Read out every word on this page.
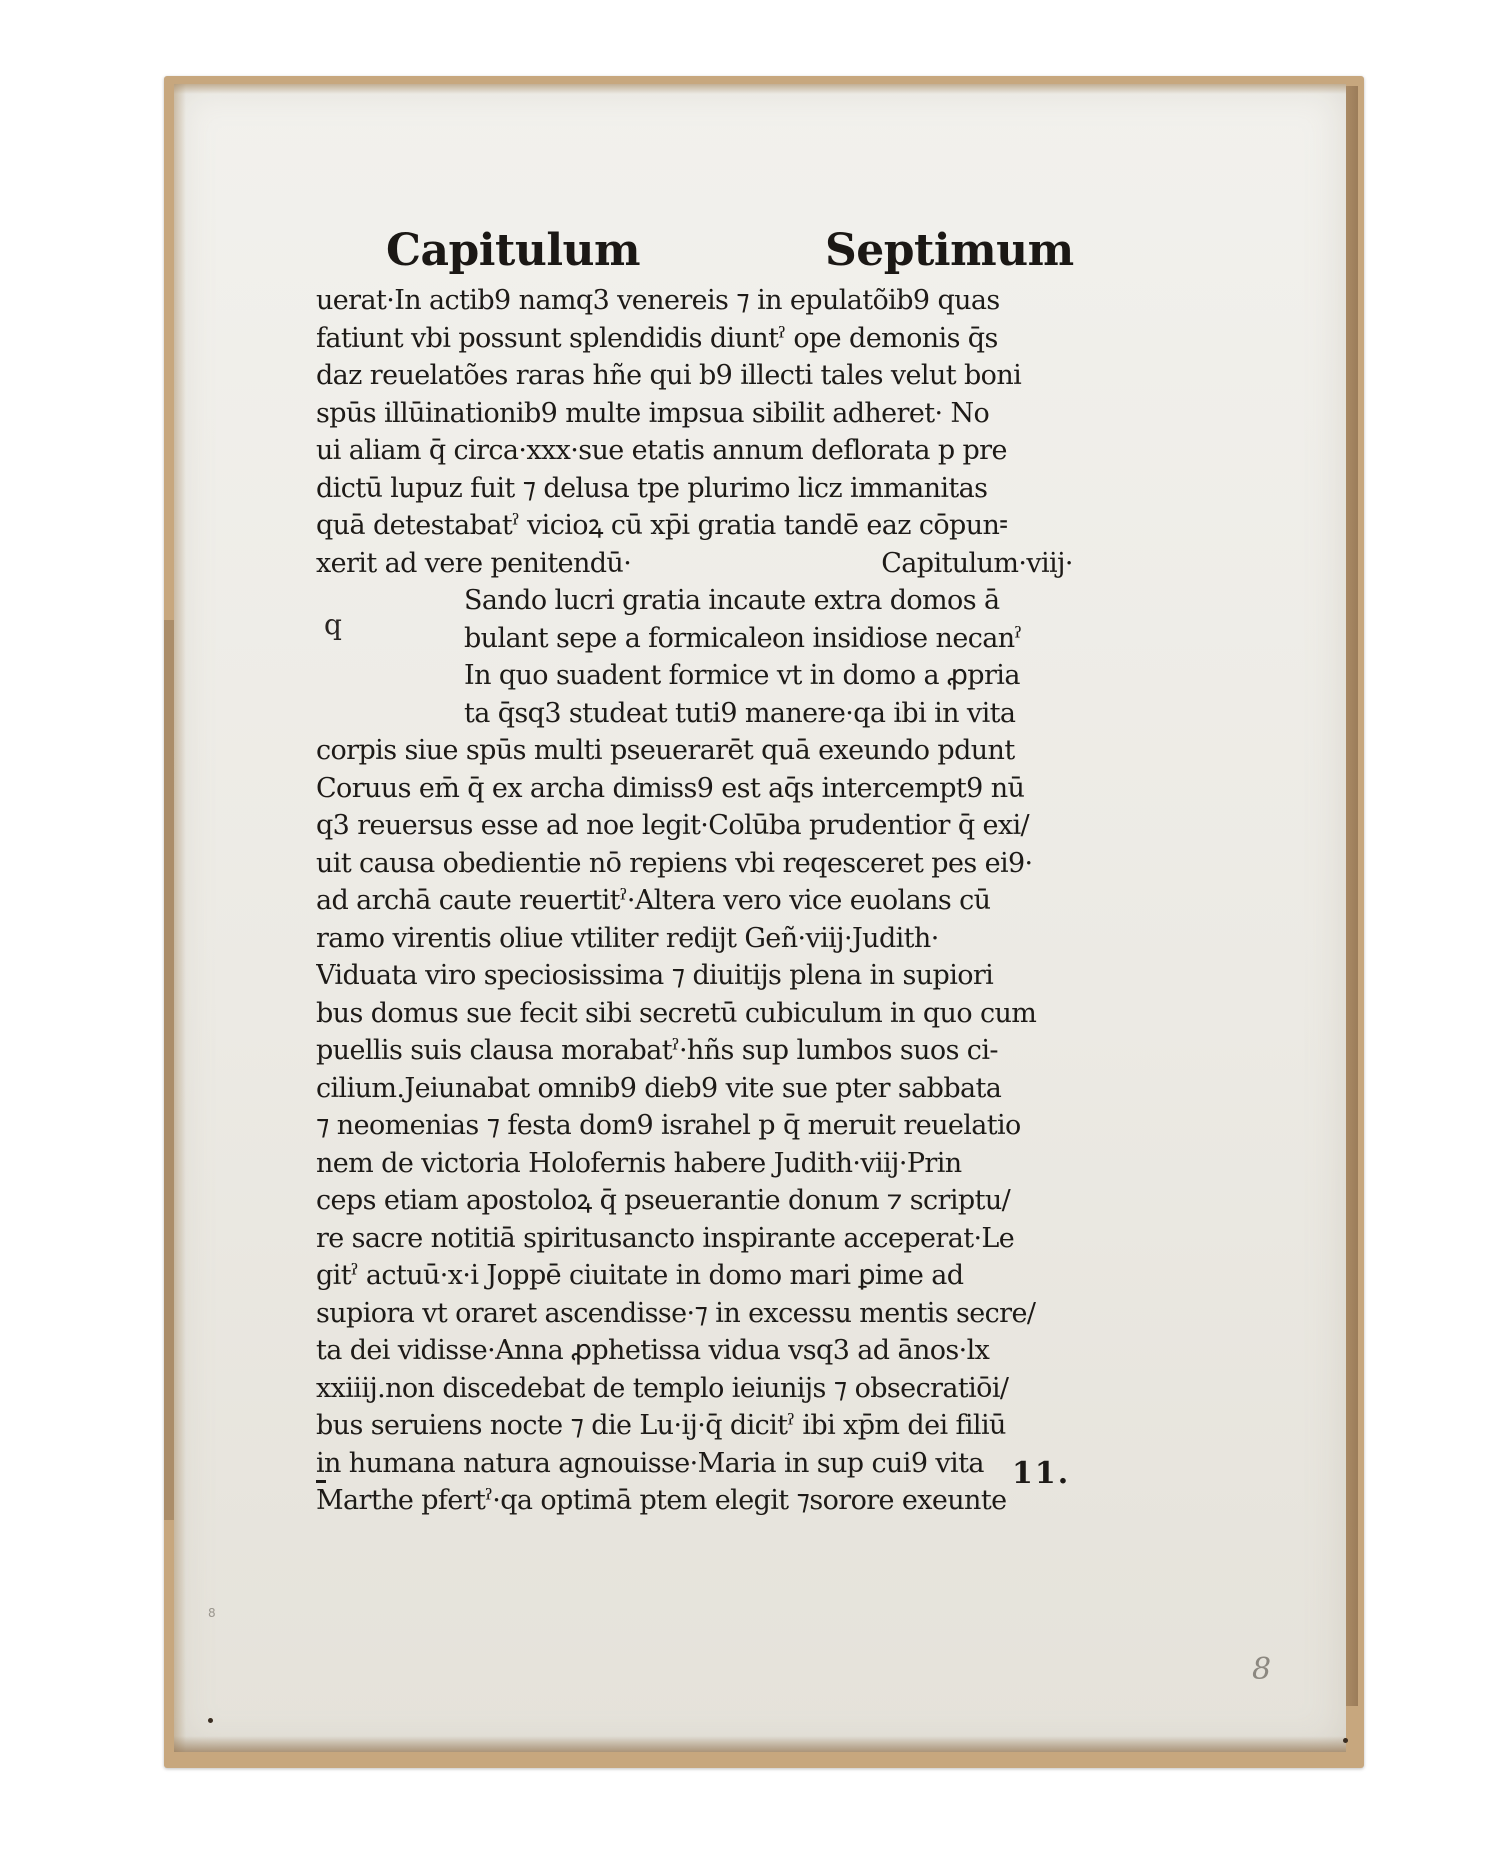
Capitulum	Septimum
uerat·In actib9 namq3 venereis ⁊ in epulatõib9 quas
fatiunt vbi possunt splendidis diuntˀ ope demonis q̄s
daz reuelatões raras hñe qui b9 illecti tales velut boni
spūs illūinationib9 multe impsua sibilit adheret· No
ui aliam q̄ circa·xxx·sue etatis annum deflorata p pre
dictū lupuz fuit ⁊ delusa tpe plurimo licz immanitas
quā detestabatˀ vicioꝝ cū xp̄i gratia tandē eaz cōpun⹀
xerit ad vere penitendū·	Capitulum·viij·
Sando lucri gratia incaute extra domos ā
bulant sepe a formicaleon insidiose necanˀ
In quo suadent formice vt in domo a ꝓpria
ta q̄sq3 studeat tuti9 manere·qa ibi in vita
corpis siue spūs multi pseuerarēt quā exeundo pdunt
Coruus em̄ q̄ ex archa dimiss9 est aq̄s intercempt9 nū
q3 reuersus esse ad noe legit·Colūba prudentior q̄ exi/
uit causa obedientie nō repiens vbi reqesceret pes ei9·
ad archā caute reuertitˀ·Altera vero vice euolans cū
ramo virentis oliue vtiliter redijt Geñ·viij·Judith·
Viduata viro speciosissima ⁊ diuitijs plena in supiori
bus domus sue fecit sibi secretū cubiculum in quo cum
puellis suis clausa morabatˀ·hñs sup lumbos suos ci-
cilium.Jeiunabat omnib9 dieb9 vite sue pter sabbata
⁊ neomenias ⁊ festa dom9 israhel p q̄ meruit reuelatio
nem de victoria Holofernis habere Judith·viij·Prin
ceps etiam apostoloꝝ q̄ pseuerantie donum ⁊ scriptu/
re sacre notitiā spiritusancto inspirante acceperat·Le
gitˀ actuū·x·i Joppē ciuitate in domo mari ꝑime ad
supiora vt oraret ascendisse·⁊ in excessu mentis secre/
ta dei vidisse·Anna ꝓphetissa vidua vsq3 ad ānos·lx
xxiiij.non discedebat de templo ieiunijs ⁊ obsecratiōi/
bus seruiens nocte ⁊ die Lu·ij·q̄ dicitˀ ibi xp̄m dei filiū
in humana natura agnouisse·Maria in sup cui9 vita
Marthe pfertˀ·qa optimā ptem elegit ⁊sorore exeunte
q
11.
8
8
